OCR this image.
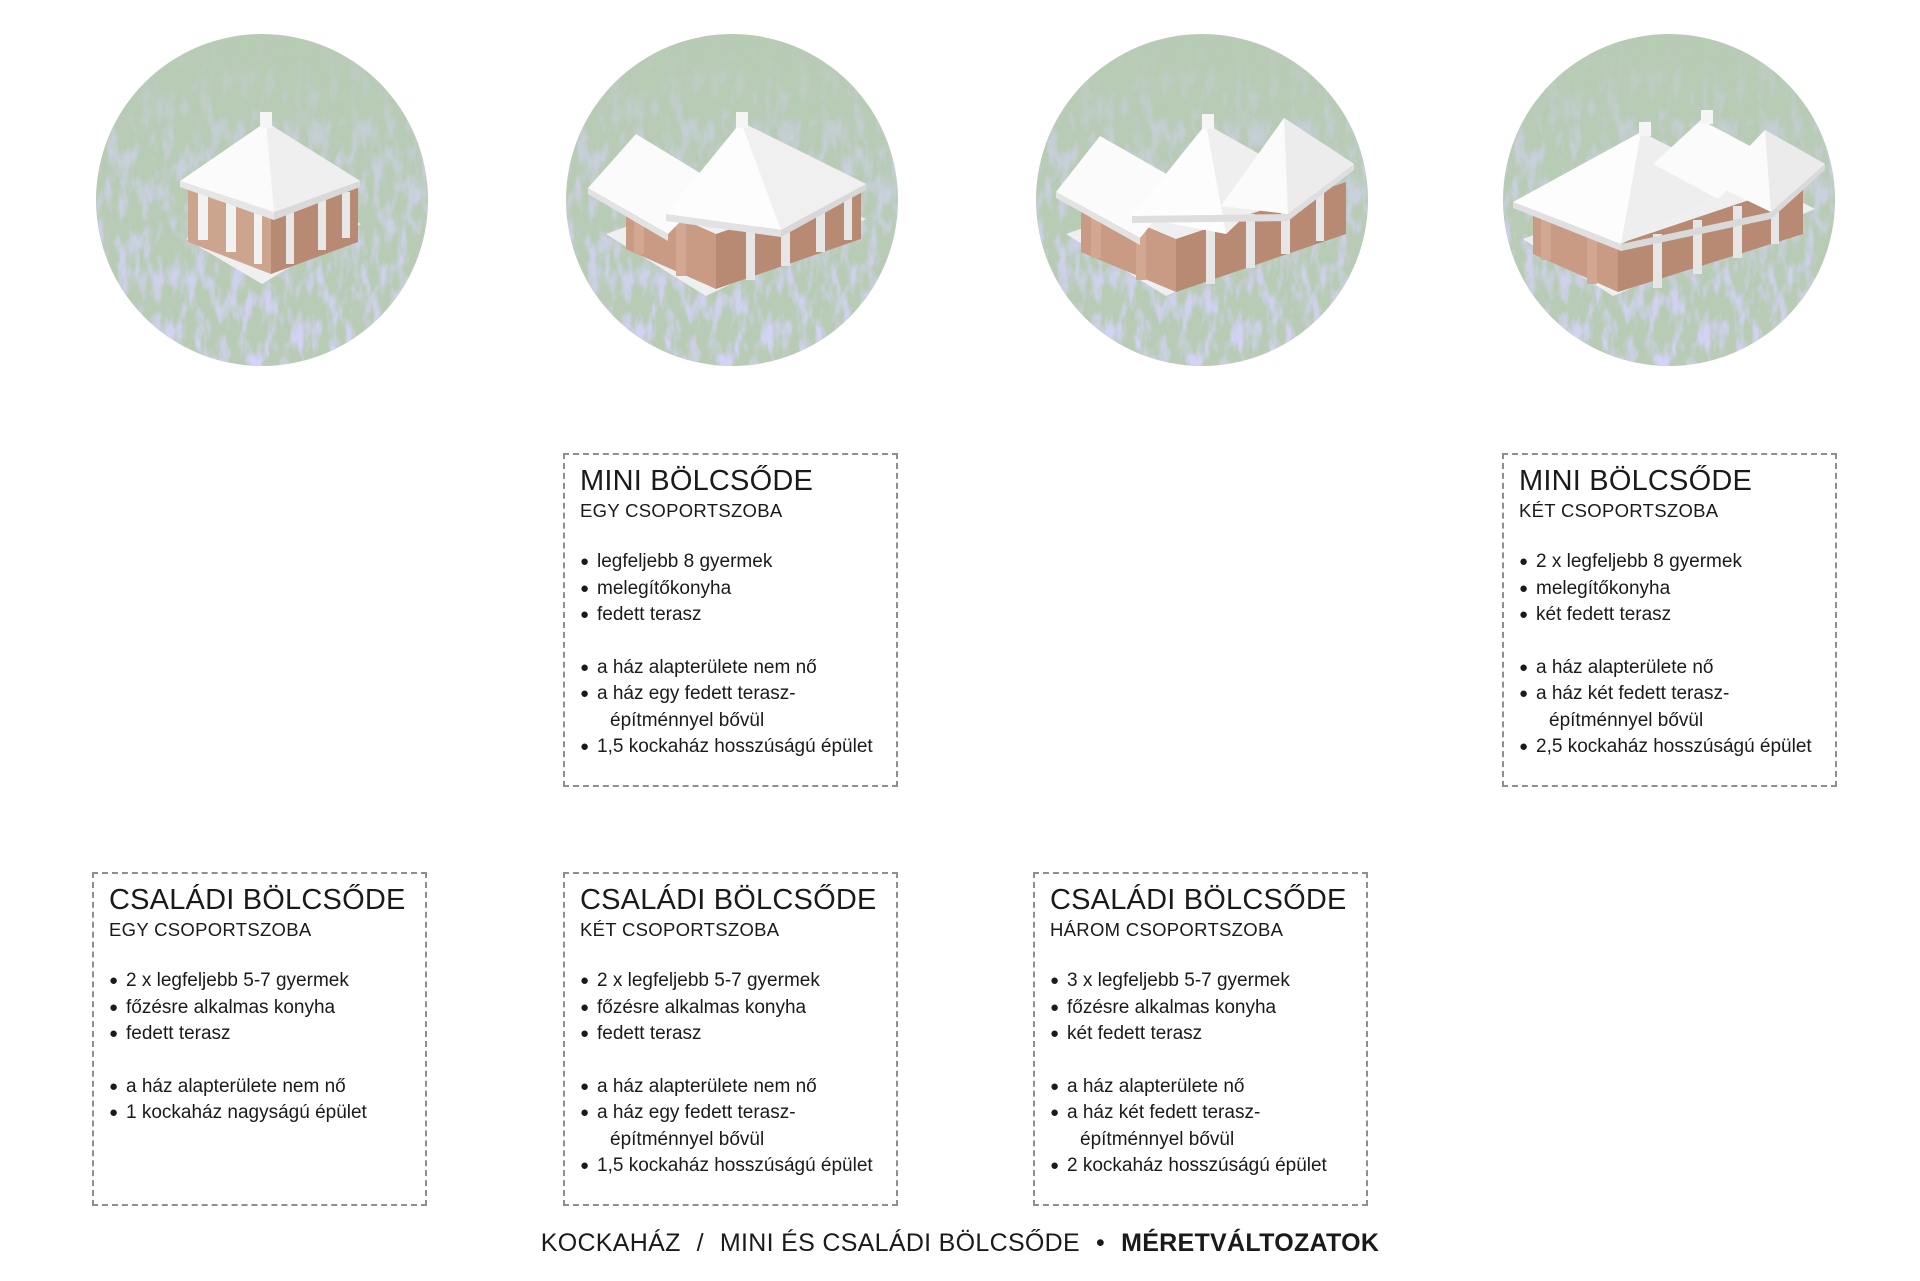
MINI BÖLCSŐDE
EGY CSOPORTSZOBA
● legfeljebb 8 gyermek
● melegítőkonyha
● fedett terasz
● a ház alapterülete nem nő
● a ház egy fedett terasz-
építménnyel bővül
● 1,5 kockaház hosszúságú épület
MINI BÖLCSŐDE
KÉT CSOPORTSZOBA
● 2 x legfeljebb 8 gyermek
● melegítőkonyha
● két fedett terasz
● a ház alapterülete nő
● a ház két fedett terasz-
építménnyel bővül
● 2,5 kockaház hosszúságú épület
CSALÁDI BÖLCSŐDE
EGY CSOPORTSZOBA
● 2 x legfeljebb 5-7 gyermek
● főzésre alkalmas konyha
● fedett terasz
● a ház alapterülete nem nő
● 1 kockaház nagyságú épület
CSALÁDI BÖLCSŐDE
KÉT CSOPORTSZOBA
● 2 x legfeljebb 5-7 gyermek
● főzésre alkalmas konyha
● fedett terasz
● a ház alapterülete nem nő
● a ház egy fedett terasz-
építménnyel bővül
● 1,5 kockaház hosszúságú épület
CSALÁDI BÖLCSŐDE
HÁROM CSOPORTSZOBA
● 3 x legfeljebb 5-7 gyermek
● főzésre alkalmas konyha
● két fedett terasz
● a ház alapterülete nő
● a ház két fedett terasz-
építménnyel bővül
● 2 kockaház hosszúságú épület
KOCKAHÁZ / MINI ÉS CSALÁDI BÖLCSŐDE • MÉRETVÁLTOZATOK
